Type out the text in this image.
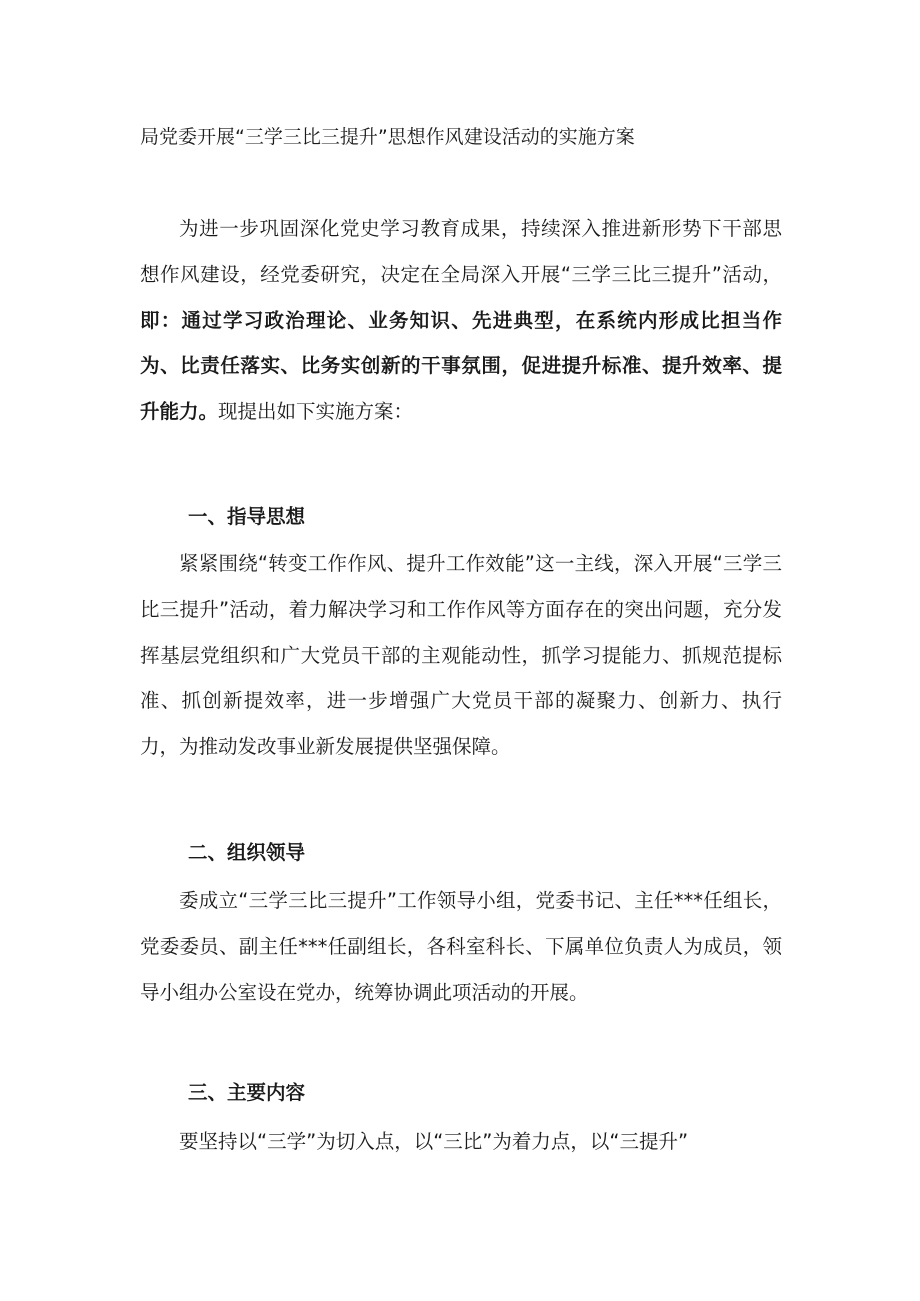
局党委开展“三学三比三提升”思想作风建设活动的实施方案

为进一步巩固深化党史学习教育成果，持续深入推进新形势下干部思想作风建设，经党委研究，决定在全局深入开展“三学三比三提升”活动，即：通过学习政治理论、业务知识、先进典型，在系统内形成比担当作为、比责任落实、比务实创新的干事氛围，促进提升标准、提升效率、提升能力。现提出如下实施方案：

一、指导思想

紧紧围绕“转变工作作风、提升工作效能”这一主线，深入开展“三学三比三提升”活动，着力解决学习和工作作风等方面存在的突出问题，充分发挥基层党组织和广大党员干部的主观能动性，抓学习提能力、抓规范提标准、抓创新提效率，进一步增强广大党员干部的凝聚力、创新力、执行力，为推动发改事业新发展提供坚强保障。

二、组织领导

委成立“三学三比三提升”工作领导小组，党委书记、主任***任组长，党委委员、副主任***任副组长，各科室科长、下属单位负责人为成员，领导小组办公室设在党办，统筹协调此项活动的开展。

三、主要内容

要坚持以“三学”为切入点，以“三比”为着力点，以“三提升”
